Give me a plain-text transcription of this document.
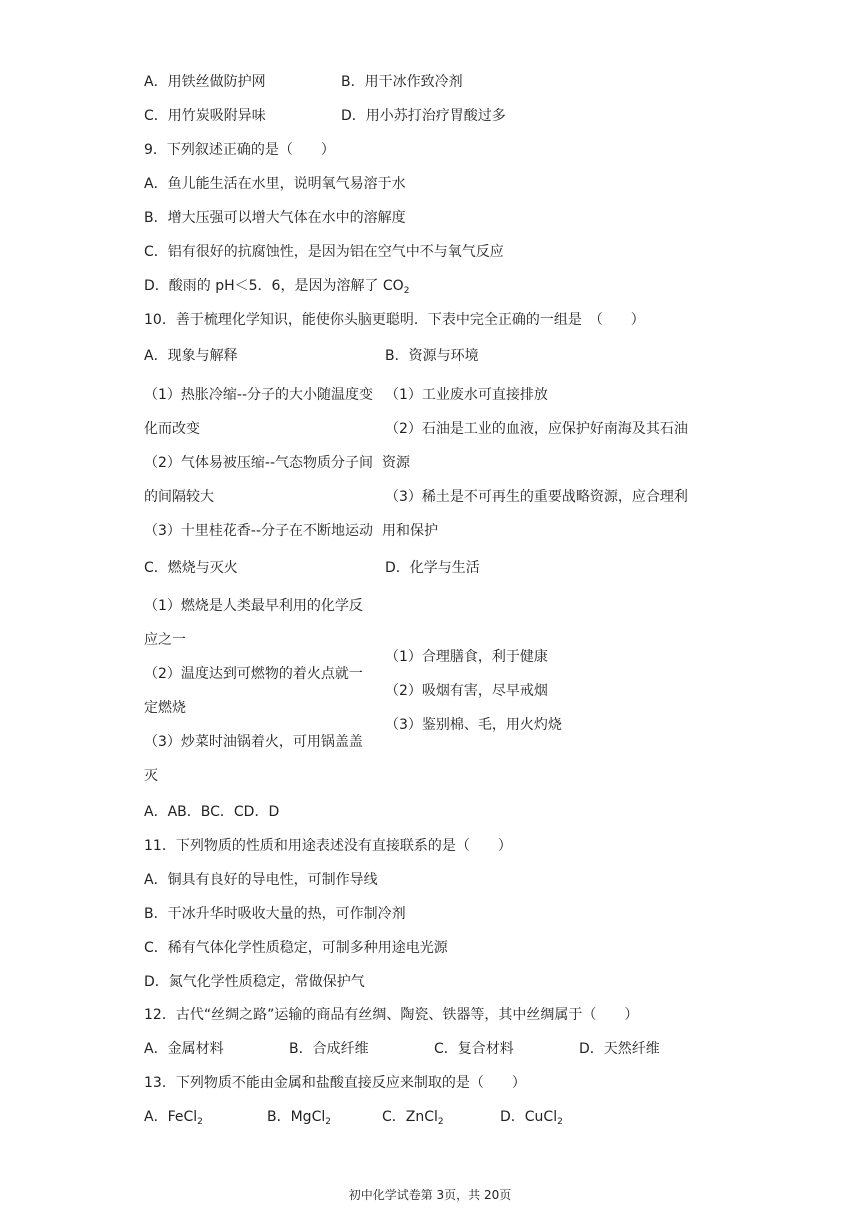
A．用铁丝做防护网	B．用干冰作致冷剂
C．用竹炭吸附异味	D．用小苏打治疗胃酸过多
9．下列叙述正确的是（　　）
A．鱼儿能生活在水里，说明氧气易溶于水
B．增大压强可以增大气体在水中的溶解度
C．铝有很好的抗腐蚀性，是因为铝在空气中不与氧气反应
D．酸雨的 pH＜5．6，是因为溶解了 $CO_2$
10．善于梳理化学知识，能使你头脑更聪明．下表中完全正确的一组是　（　　）
A．现象与解释	B．资源与环境
（1）热胀冷缩--分子的大小随温度变
化而改变
（2）气体易被压缩--气态物质分子间
的间隔较大
（3）十里桂花香--分子在不断地运动
（1）工业废水可直接排放
（2）石油是工业的血液，应保护好南海及其石油
资源
（3）稀土是不可再生的重要战略资源，应合理利
用和保护
C．燃烧与灭火	D．化学与生活
（1）燃烧是人类最早利用的化学反
应之一
（2）温度达到可燃物的着火点就一
定燃烧
（3）炒菜时油锅着火，可用锅盖盖
灭
（1）合理膳食，利于健康
（2）吸烟有害，尽早戒烟
（3）鉴别棉、毛，用火灼烧
A．AB．BC．CD．D
11．下列物质的性质和用途表述没有直接联系的是（　　）
A．铜具有良好的导电性，可制作导线
B．干冰升华时吸收大量的热，可作制冷剂
C．稀有气体化学性质稳定，可制多种用途电光源
D．氮气化学性质稳定，常做保护气
12．古代“丝绸之路”运输的商品有丝绸、陶瓷、铁器等，其中丝绸属于（　　）
A．金属材料	B．合成纤维	C．复合材料	D．天然纤维
13．下列物质不能由金属和盐酸直接反应来制取的是（　　）
A．FeCl$_2$	B．MgCl$_2$	C．ZnCl$_2$	D．CuCl$_2$
初中化学试卷第 3页，共 20页
